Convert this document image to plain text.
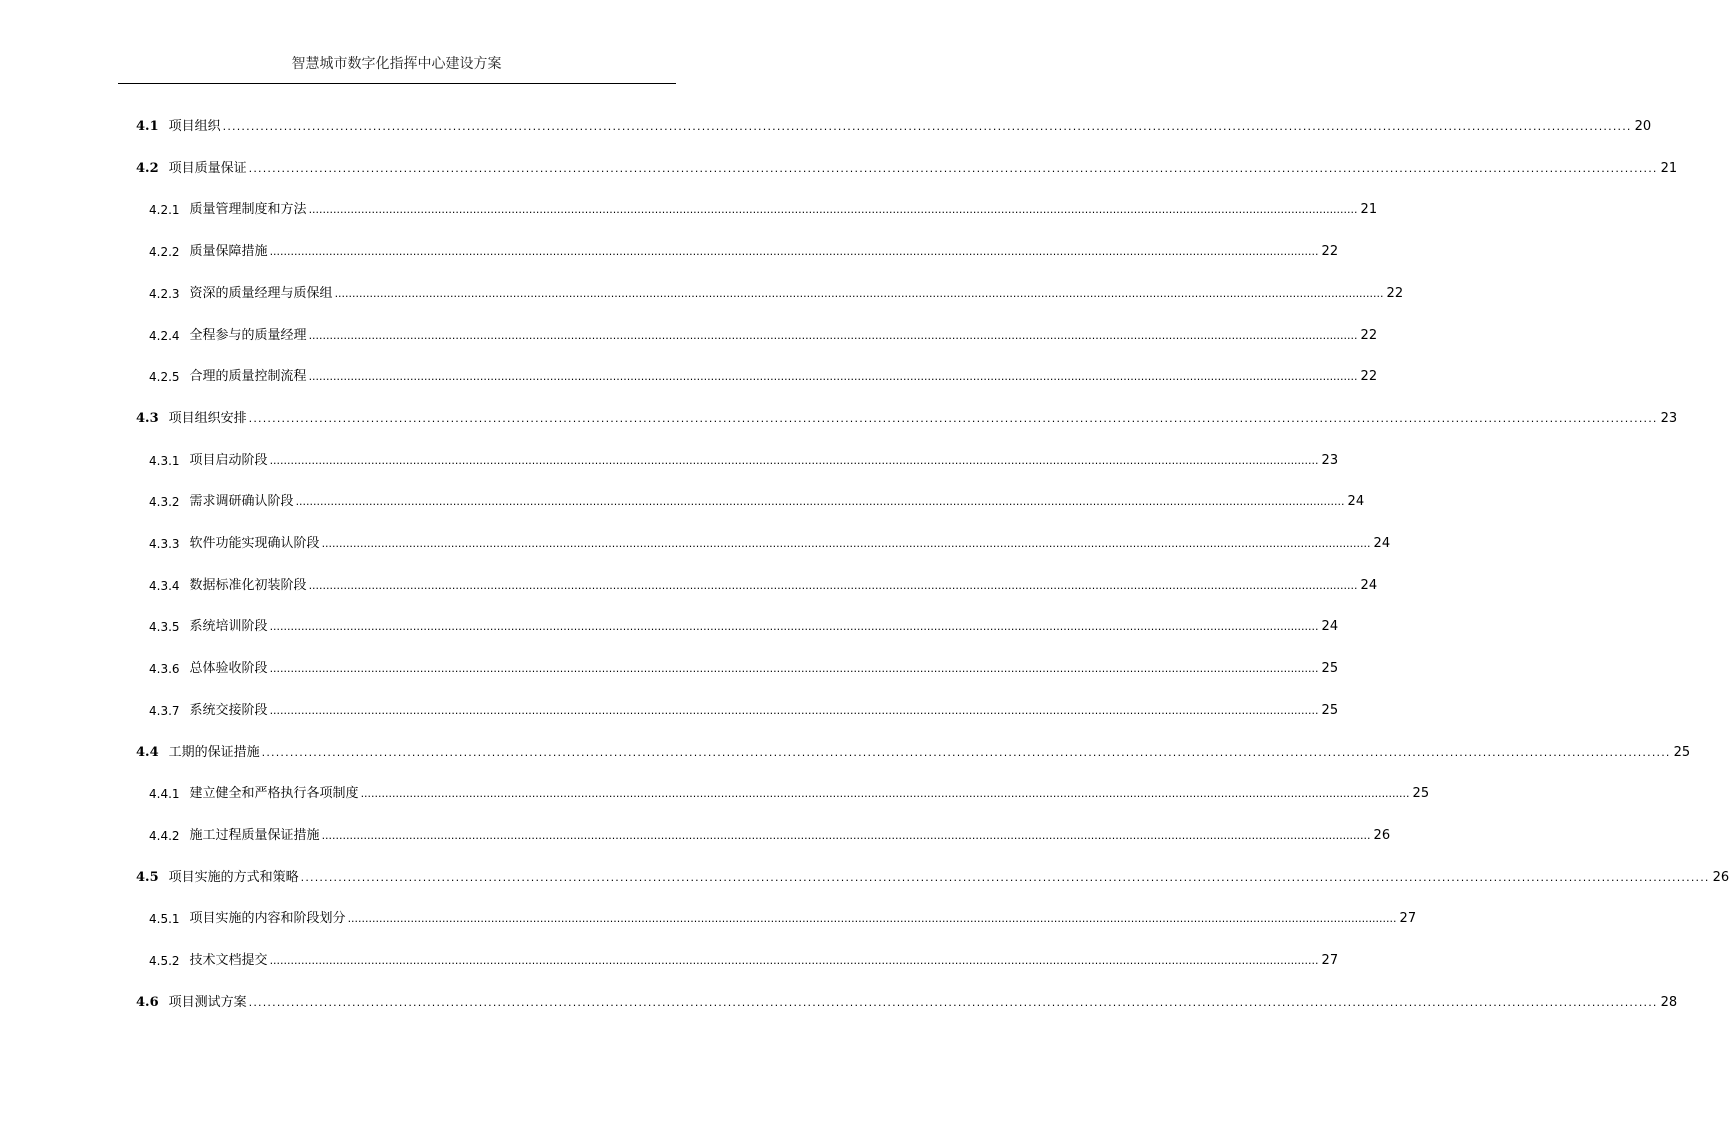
智慧城市数字化指挥中心建设方案
4.1 项目组织 ............................................................................................................................................................................................................................................................................................................ 20
4.2 项目质量保证 ............................................................................................................................................................................................................................................................................................................ 21
4.2.1 质量管理制度和方法 ............................................................................................................................................................................................................................................................................................................ 21
4.2.2 质量保障措施 ............................................................................................................................................................................................................................................................................................................ 22
4.2.3 资深的质量经理与质保组 ............................................................................................................................................................................................................................................................................................................ 22
4.2.4 全程参与的质量经理 ............................................................................................................................................................................................................................................................................................................ 22
4.2.5 合理的质量控制流程 ............................................................................................................................................................................................................................................................................................................ 22
4.3 项目组织安排 ............................................................................................................................................................................................................................................................................................................ 23
4.3.1 项目启动阶段 ............................................................................................................................................................................................................................................................................................................ 23
4.3.2 需求调研确认阶段 ............................................................................................................................................................................................................................................................................................................ 24
4.3.3 软件功能实现确认阶段 ............................................................................................................................................................................................................................................................................................................ 24
4.3.4 数据标准化初装阶段 ............................................................................................................................................................................................................................................................................................................ 24
4.3.5 系统培训阶段 ............................................................................................................................................................................................................................................................................................................ 24
4.3.6 总体验收阶段 ............................................................................................................................................................................................................................................................................................................ 25
4.3.7 系统交接阶段 ............................................................................................................................................................................................................................................................................................................ 25
4.4 工期的保证措施 ............................................................................................................................................................................................................................................................................................................ 25
4.4.1 建立健全和严格执行各项制度 ............................................................................................................................................................................................................................................................................................................ 25
4.4.2 施工过程质量保证措施 ............................................................................................................................................................................................................................................................................................................ 26
4.5 项目实施的方式和策略 ............................................................................................................................................................................................................................................................................................................ 26
4.5.1 项目实施的内容和阶段划分 ............................................................................................................................................................................................................................................................................................................ 27
4.5.2 技术文档提交 ............................................................................................................................................................................................................................................................................................................ 27
4.6 项目测试方案 ............................................................................................................................................................................................................................................................................................................ 28
